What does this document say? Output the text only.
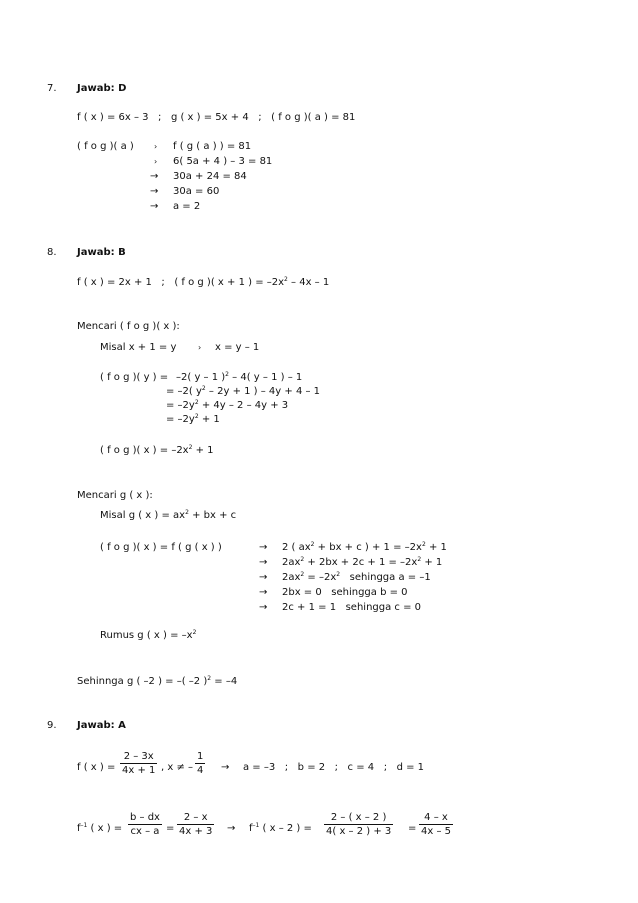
7. Jawab: D
f ( x ) = 6x – 3   ;   g ( x ) = 5x + 4   ;   ( f o g )( a ) = 81
( f o g )( a )	› f ( g ( a ) ) = 81
› 6( 5a + 4 ) – 3 = 81
→ 30a + 24 = 84
→ 30a = 60
→ a = 2
8. Jawab: B
f ( x ) = 2x + 1   ;   ( f o g )( x + 1 ) = $-2x^2 - 4x - 1$
Mencari ( f o g )( x ):
Misal x + 1 = y	› x = y – 1
( f o g )( y ) = –2( y – 1 )$^2$ – 4( y – 1 ) – 1
= –2( $y^2 - 2y + 1$ ) – 4y + 4 – 1
= $-2y^2 + 4y - 2 - 4y + 3$
= $-2y^2 + 1$
( f o g )( x ) = $-2x^2 + 1$
Mencari g ( x ):
Misal g ( x ) = $ax^2$ + bx + c
( f o g )( x ) = f ( g ( x ) )	→ 2 ( $ax^2$ + bx + c ) + $1 = -2x^2 + 1$
→ $2ax^2 + 2bx + 2c + 1 = -2x^2 + 1$
→ $2ax^2 = -2x^2$   sehingga a = –1
→ 2bx = 0   sehingga b = 0
→ 2c + 1 = 1   sehingga c = 0
Rumus g ( x ) = $-x^2$
Sehinnga g ( –2 ) = –( –2 )$^2$ = –4
9. Jawab: A
f ( x ) = $\frac{2 - 3x}{4x + 1}$ , x ≠ – $\frac{1}{4} \to a = -3$   ;   b = 2   ;   c = 4   ;   d = 1
$f^{-1}$ ( x ) = $\frac{b - dx}{cx - a} = \frac{2 - x}{4x + 3} \to f^{-1}$ ( x – 2 ) = $\frac{2 - ( x - 2 )}{4( x - 2 ) + 3} = \frac{4 - x}{4x - 5}$
